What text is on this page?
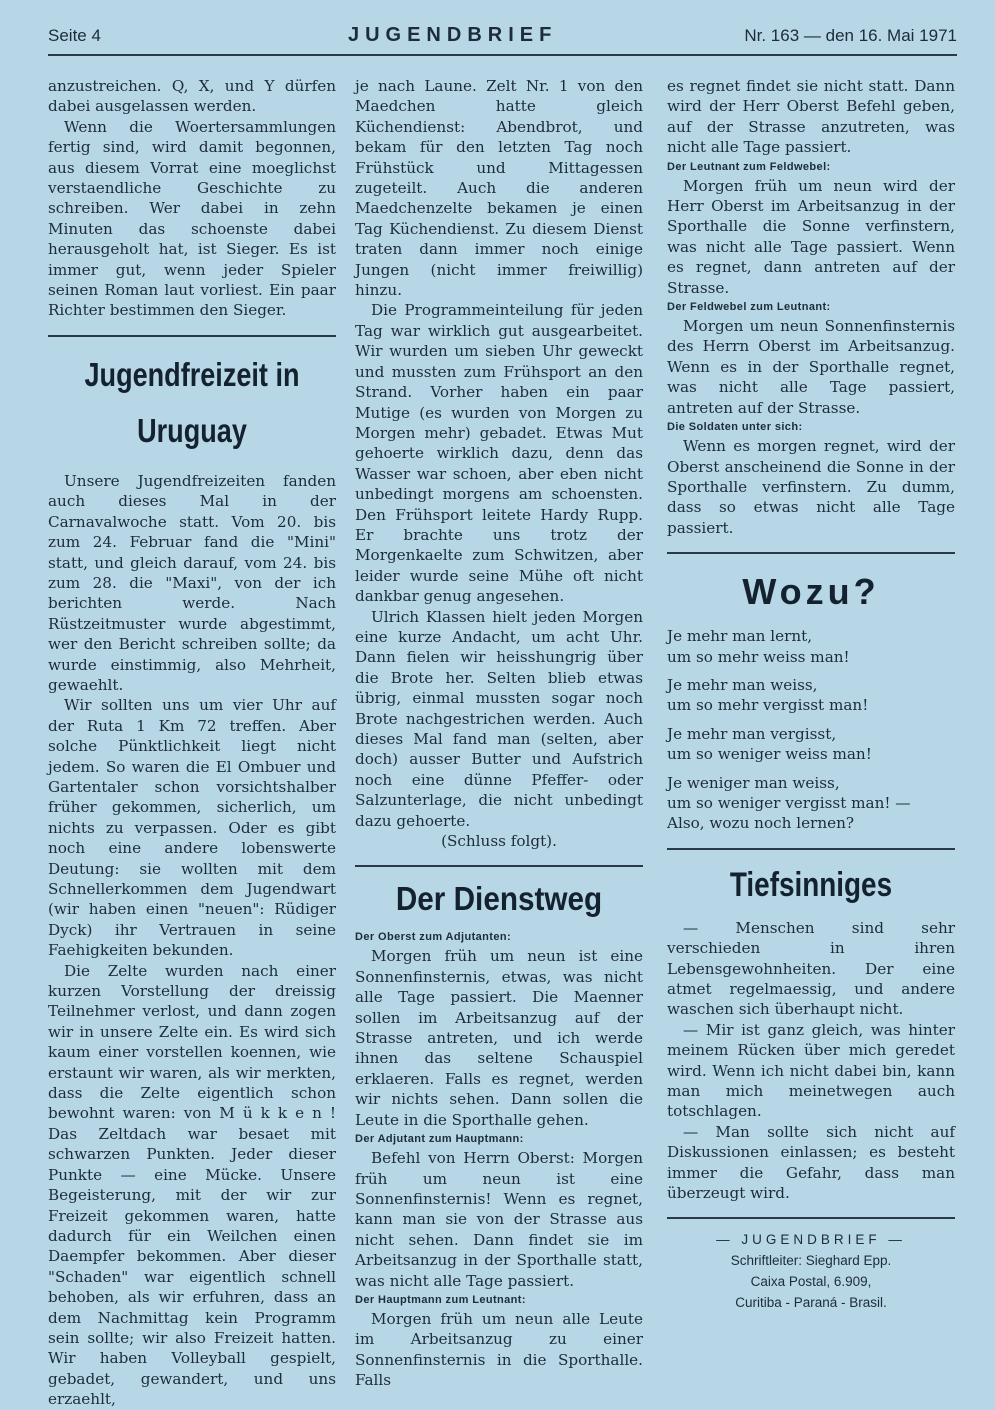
Seite 4	JUGENDBRIEF	Nr. 163 — den 16. Mai 1971

anzustreichen. Q, X, und Y dürfen dabei ausgelassen werden.

Wenn die Woertersammlungen fertig sind, wird damit begonnen, aus diesem Vorrat eine moeglichst verstaendliche Geschichte zu schreiben. Wer dabei in zehn Minuten das schoenste dabei herausgeholt hat, ist Sieger. Es ist immer gut, wenn jeder Spieler seinen Roman laut vorliest. Ein paar Richter bestimmen den Sieger.

Jugendfreizeit in Uruguay

Unsere Jugendfreizeiten fanden auch dieses Mal in der Carnavalwoche statt. Vom 20. bis zum 24. Februar fand die "Mini" statt, und gleich darauf, vom 24. bis zum 28. die "Maxi", von der ich berichten werde. Nach Rüstzeitmuster wurde abgestimmt, wer den Bericht schreiben sollte; da wurde einstimmig, also Mehrheit, gewaehlt.

Wir sollten uns um vier Uhr auf der Ruta 1 Km 72 treffen. Aber solche Pünktlichkeit liegt nicht jedem. So waren die El Ombuer und Gartentaler schon vorsichtshalber früher gekommen, sicherlich, um nichts zu verpassen. Oder es gibt noch eine andere lobenswerte Deutung: sie wollten mit dem Schnellerkommen dem Jugendwart (wir haben einen "neuen": Rüdiger Dyck) ihr Vertrauen in seine Faehigkeiten bekunden.

Die Zelte wurden nach einer kurzen Vorstellung der dreissig Teilnehmer verlost, und dann zogen wir in unsere Zelte ein. Es wird sich kaum einer vorstellen koennen, wie erstaunt wir waren, als wir merkten, dass die Zelte eigentlich schon bewohnt waren: von M ü k k e n ! Das Zeltdach war besaet mit schwarzen Punkten. Jeder dieser Punkte — eine Mücke. Unsere Begeisterung, mit der wir zur Freizeit gekommen waren, hatte dadurch für ein Weilchen einen Daempfer bekommen. Aber dieser "Schaden" war eigentlich schnell behoben, als wir erfuhren, dass an dem Nachmittag kein Programm sein sollte; wir also Freizeit hatten. Wir haben Volleyball gespielt, gebadet, gewandert, und uns erzaehlt,

je nach Laune. Zelt Nr. 1 von den Maedchen hatte gleich Küchendienst: Abendbrot, und bekam für den letzten Tag noch Frühstück und Mittagessen zugeteilt. Auch die anderen Maedchenzelte bekamen je einen Tag Küchendienst. Zu diesem Dienst traten dann immer noch einige Jungen (nicht immer freiwillig) hinzu.

Die Programmeinteilung für jeden Tag war wirklich gut ausgearbeitet. Wir wurden um sieben Uhr geweckt und mussten zum Frühsport an den Strand. Vorher haben ein paar Mutige (es wurden von Morgen zu Morgen mehr) gebadet. Etwas Mut gehoerte wirklich dazu, denn das Wasser war schoen, aber eben nicht unbedingt morgens am schoensten. Den Frühsport leitete Hardy Rupp. Er brachte uns trotz der Morgenkaelte zum Schwitzen, aber leider wurde seine Mühe oft nicht dankbar genug angesehen.

Ulrich Klassen hielt jeden Morgen eine kurze Andacht, um acht Uhr. Dann fielen wir heisshungrig über die Brote her. Selten blieb etwas übrig, einmal mussten sogar noch Brote nachgestrichen werden. Auch dieses Mal fand man (selten, aber doch) ausser Butter und Aufstrich noch eine dünne Pfeffer- oder Salzunterlage, die nicht unbedingt dazu gehoerte.

(Schluss folgt).

Der Dienstweg
Der Oberst zum Adjutanten:

Morgen früh um neun ist eine Sonnenfinsternis, etwas, was nicht alle Tage passiert. Die Maenner sollen im Arbeitsanzug auf der Strasse antreten, und ich werde ihnen das seltene Schauspiel erklaeren. Falls es regnet, werden wir nichts sehen. Dann sollen die Leute in die Sporthalle gehen.

Der Adjutant zum Hauptmann:

Befehl von Herrn Oberst: Morgen früh um neun ist eine Sonnenfinsternis! Wenn es regnet, kann man sie von der Strasse aus nicht sehen. Dann findet sie im Arbeitsanzug in der Sporthalle statt, was nicht alle Tage passiert.

Der Hauptmann zum Leutnant:

Morgen früh um neun alle Leute im Arbeitsanzug zu einer Sonnenfinsternis in die Sporthalle. Falls

es regnet findet sie nicht statt. Dann wird der Herr Oberst Befehl geben, auf der Strasse anzutreten, was nicht alle Tage passiert.

Der Leutnant zum Feldwebel:

Morgen früh um neun wird der Herr Oberst im Arbeitsanzug in der Sporthalle die Sonne verfinstern, was nicht alle Tage passiert. Wenn es regnet, dann antreten auf der Strasse.

Der Feldwebel zum Leutnant:

Morgen um neun Sonnenfinsternis des Herrn Oberst im Arbeitsanzug. Wenn es in der Sporthalle regnet, was nicht alle Tage passiert, antreten auf der Strasse.

Die Soldaten unter sich:

Wenn es morgen regnet, wird der Oberst anscheinend die Sonne in der Sporthalle verfinstern. Zu dumm, dass so etwas nicht alle Tage passiert.

Wozu?
Je mehr man lernt,
um so mehr weiss man!
Je mehr man weiss,
um so mehr vergisst man!
Je mehr man vergisst,
um so weniger weiss man!
Je weniger man weiss,
um so weniger vergisst man! —
Also, wozu noch lernen?
Tiefsinniges

— Menschen sind sehr verschieden in ihren Lebensgewohnheiten. Der eine atmet regelmaessig, und andere waschen sich überhaupt nicht.

— Mir ist ganz gleich, was hinter meinem Rücken über mich geredet wird. Wenn ich nicht dabei bin, kann man mich meinetwegen auch totschlagen.

— Man sollte sich nicht auf Diskussionen einlassen; es besteht immer die Gefahr, dass man überzeugt wird.

— JUGENDBRIEF —
Schriftleiter: Sieghard Epp.
Caixa Postal, 6.909,
Curitiba - Paraná - Brasil.
